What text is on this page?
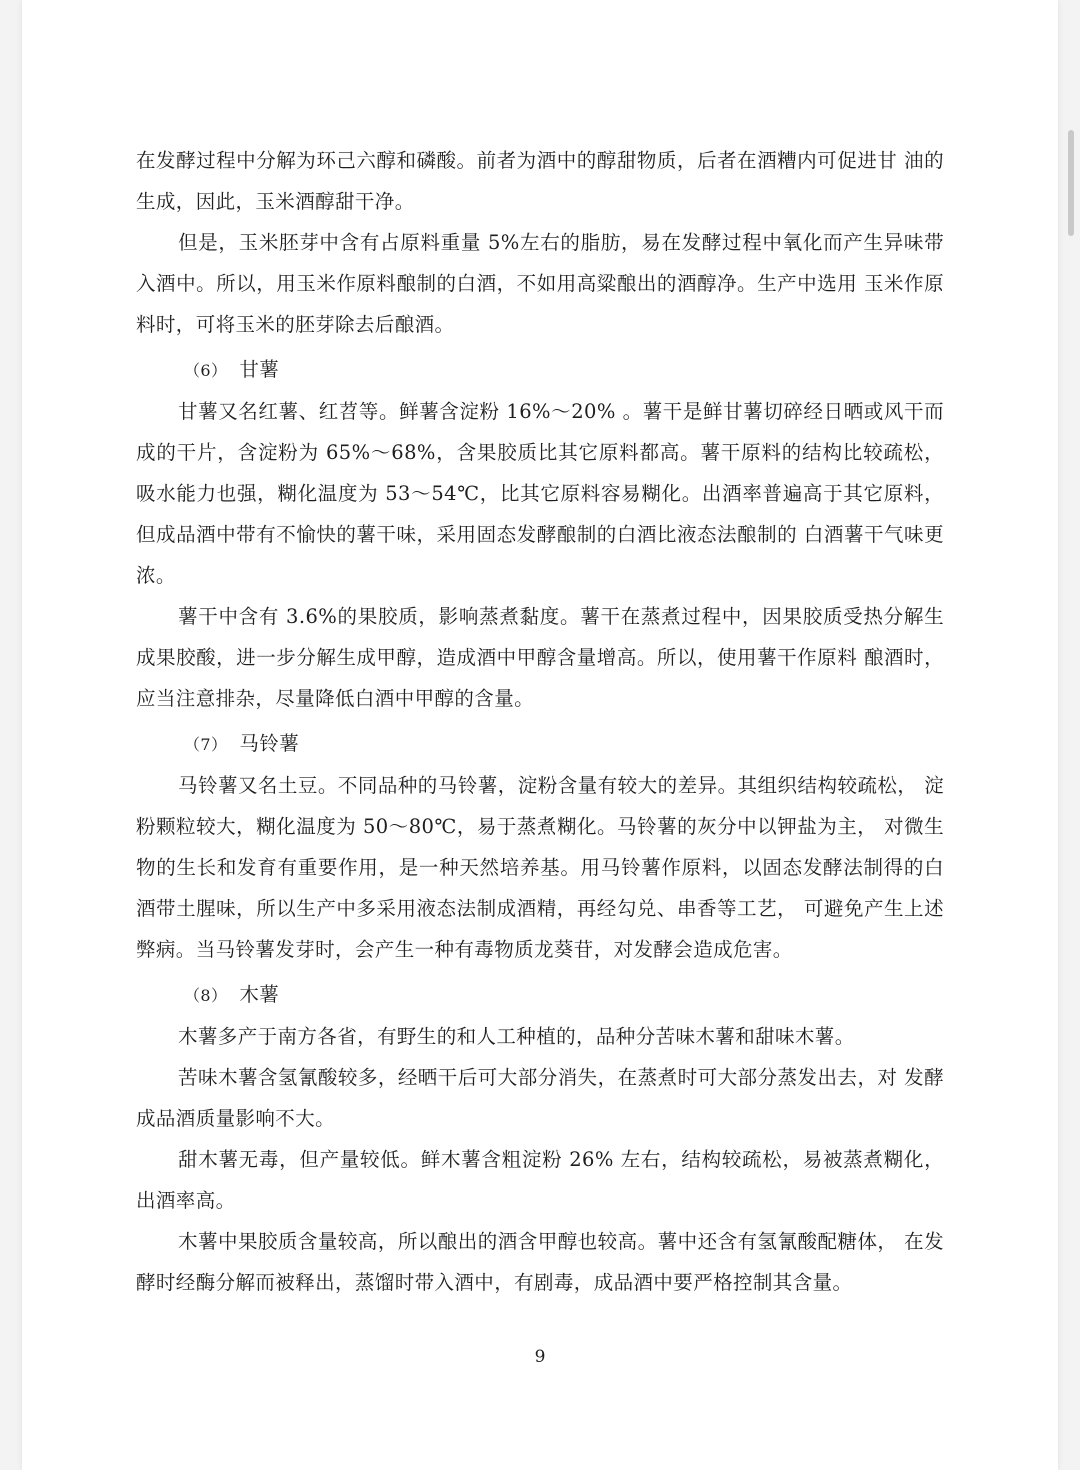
在发酵过程中分解为环己六醇和磷酸。前者为酒中的醇甜物质，后者在酒糟内可促进甘 油的生成，因此，玉米酒醇甜干净。

但是，玉米胚芽中含有占原料重量 5%左右的脂肪，易在发酵过程中氧化而产生异味带入酒中。所以，用玉米作原料酿制的白酒，不如用高粱酿出的酒醇净。生产中选用 玉米作原料时，可将玉米的胚芽除去后酿酒。

（6） 甘薯

甘薯又名红薯、红苕等。鲜薯含淀粉 16%～20% 。薯干是鲜甘薯切碎经日晒或风干而成的干片，含淀粉为 65%～68%，含果胶质比其它原料都高。薯干原料的结构比较疏松，吸水能力也强，糊化温度为 53～54℃，比其它原料容易糊化。出酒率普遍高于其它原料，但成品酒中带有不愉快的薯干味，采用固态发酵酿制的白酒比液态法酿制的 白酒薯干气味更浓。

薯干中含有 3.6%的果胶质，影响蒸煮黏度。薯干在蒸煮过程中，因果胶质受热分解生成果胶酸，进一步分解生成甲醇，造成酒中甲醇含量增高。所以，使用薯干作原料 酿酒时，应当注意排杂，尽量降低白酒中甲醇的含量。

（7） 马铃薯

马铃薯又名土豆。不同品种的马铃薯，淀粉含量有较大的差异。其组织结构较疏松， 淀粉颗粒较大，糊化温度为 50～80℃，易于蒸煮糊化。马铃薯的灰分中以钾盐为主， 对微生物的生长和发育有重要作用，是一种天然培养基。用马铃薯作原料，以固态发酵法制得的白酒带土腥味，所以生产中多采用液态法制成酒精，再经勾兑、串香等工艺， 可避免产生上述弊病。当马铃薯发芽时，会产生一种有毒物质龙葵苷，对发酵会造成危害。

（8） 木薯

木薯多产于南方各省，有野生的和人工种植的，品种分苦味木薯和甜味木薯。

苦味木薯含氢氰酸较多，经晒干后可大部分消失，在蒸煮时可大部分蒸发出去，对 发酵成品酒质量影响不大。

甜木薯无毒，但产量较低。鲜木薯含粗淀粉 26% 左右，结构较疏松，易被蒸煮糊化，出酒率高。

木薯中果胶质含量较高，所以酿出的酒含甲醇也较高。薯中还含有氢氰酸配糖体， 在发酵时经酶分解而被释出，蒸馏时带入酒中，有剧毒，成品酒中要严格控制其含量。

9
